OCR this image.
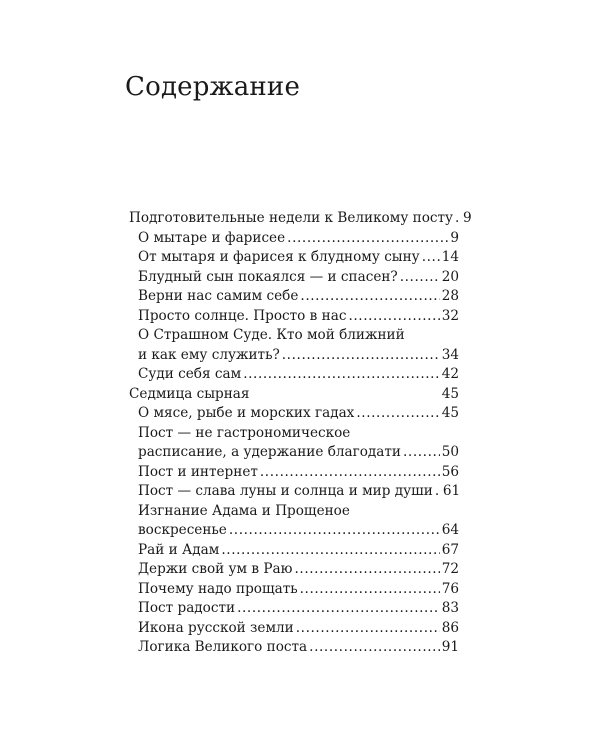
Содержание
Подготовительные недели к Великому посту ..... 9
О мытаре и фарисее .....	9
От мытаря и фарисея к блудному сыну ..... 14
Блудный сын покаялся — и спасен? .....	20
Верни нас самим себе .....	28
Просто солнце. Просто в нас .....	32
О Страшном Суде. Кто мой ближний
и как ему служить? .....	34
Суди себя сам .....	42
Седмица сырная	45
О мясе, рыбе и морских гадах .....	45
Пост — не гастрономическое
расписание, а удержание благодати .....	50
Пост и интернет .....	56
Пост — слава луны и солнца и мир души ..... 61
Изгнание Адама и Прощеное
воскресенье .....	64
Рай и Адам .....	67
Держи свой ум в Раю .....	72
Почему надо прощать .....	76
Пост радости .....	83
Икона русской земли .....	86
Логика Великого поста .....	91
